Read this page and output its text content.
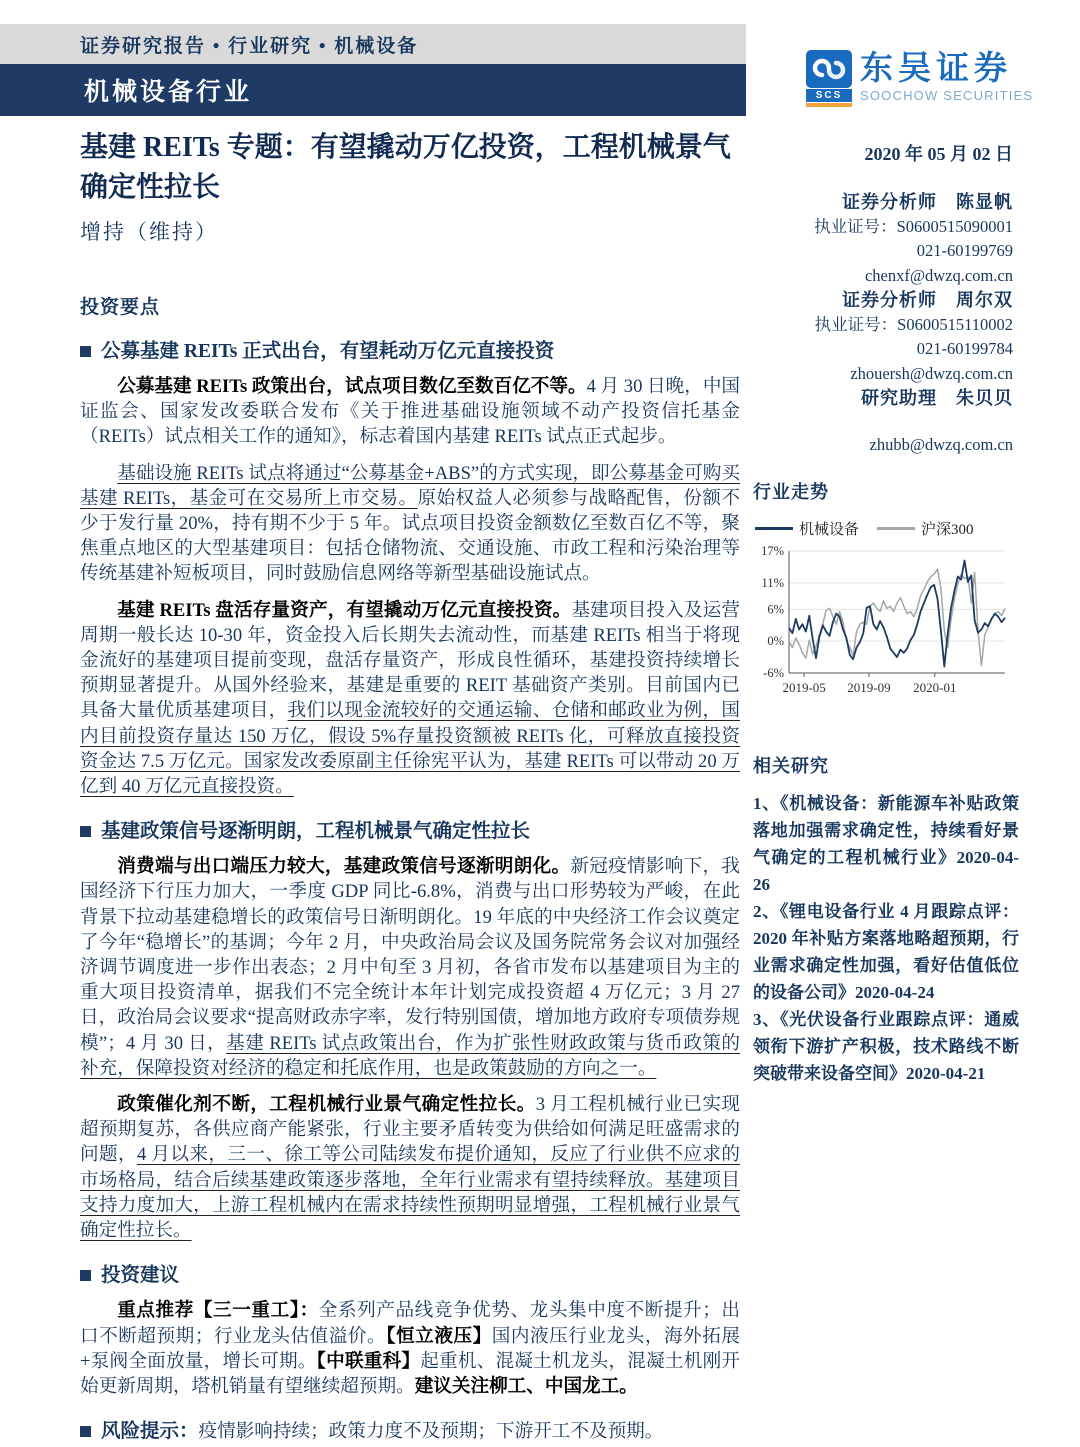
证券研究报告 • 行业研究 • 机械设备
机械设备行业	SCS
东吴证券
SOOCHOW SECURITIES
基建 REITs 专题：有望撬动万亿投资，工程机械景气确定性拉长
增持（维持）
2020 年 05 月 02 日
证券分析师　陈显帆
执业证号：S0600515090001
021-60199769
chenxf@dwzq.com.cn
证券分析师　周尔双
执业证号：S0600515110002
021-60199784
zhouersh@dwzq.com.cn
研究助理　朱贝贝
zhubb@dwzq.com.cn
行业走势
机械设备	沪深300
17%
11%
6%
0%
-6%
2019-05 2019-09 2020-01
相关研究
1、《机械设备：新能源车补贴政策落地加强需求确定性，持续看好景气确定的工程机械行业》2020-04-26
2、《锂电设备行业 4 月跟踪点评：2020 年补贴方案落地略超预期，行业需求确定性加强，看好估值低位的设备公司》2020-04-24
3、《光伏设备行业跟踪点评：通威领衔下游扩产积极，技术路线不断突破带来设备空间》2020-04-21
投资要点
公募基建 REITs 正式出台，有望耗动万亿元直接投资

公募基建 REITs 政策出台，试点项目数亿至数百亿不等。4 月 30 日晚，中国证监会、国家发改委联合发布《关于推进基础设施领域不动产投资信托基金（REITs）试点相关工作的通知》，标志着国内基建 REITs 试点正式起步。

基础设施 REITs 试点将通过“公募基金+ABS”的方式实现，即公募基金可购买基建 REITs，基金可在交易所上市交易。原始权益人必须参与战略配售，份额不少于发行量 20%，持有期不少于 5 年。试点项目投资金额数亿至数百亿不等，聚焦重点地区的大型基建项目：包括仓储物流、交通设施、市政工程和污染治理等传统基建补短板项目，同时鼓励信息网络等新型基础设施试点。

基建 REITs 盘活存量资产，有望撬动万亿元直接投资。基建项目投入及运营周期一般长达 10-30 年，资金投入后长期失去流动性，而基建 REITs 相当于将现金流好的基建项目提前变现，盘活存量资产，形成良性循环，基建投资持续增长预期显著提升。从国外经验来，基建是重要的 REIT 基础资产类别。目前国内已具备大量优质基建项目，我们以现金流较好的交通运输、仓储和邮政业为例，国内目前投资存量达 150 万亿，假设 5%存量投资额被 REITs 化，可释放直接投资资金达 7.5 万亿元。国家发改委原副主任徐宪平认为，基建 REITs 可以带动 20 万亿到 40 万亿元直接投资。

基建政策信号逐渐明朗，工程机械景气确定性拉长

消费端与出口端压力较大，基建政策信号逐渐明朗化。新冠疫情影响下，我国经济下行压力加大，一季度 GDP 同比-6.8%，消费与出口形势较为严峻，在此背景下拉动基建稳增长的政策信号日渐明朗化。19 年底的中央经济工作会议奠定了今年“稳增长”的基调；今年 2 月，中央政治局会议及国务院常务会议对加强经济调节调度进一步作出表态；2 月中旬至 3 月初，各省市发布以基建项目为主的重大项目投资清单，据我们不完全统计本年计划完成投资超 4 万亿元；3 月 27 日，政治局会议要求“提高财政赤字率，发行特别国债，增加地方政府专项债券规模”；4 月 30 日，基建 REITs 试点政策出台，作为扩张性财政政策与货币政策的补充，保障投资对经济的稳定和托底作用，也是政策鼓励的方向之一。

政策催化剂不断，工程机械行业景气确定性拉长。3 月工程机械行业已实现超预期复苏，各供应商产能紧张，行业主要矛盾转变为供给如何满足旺盛需求的问题，4 月以来，三一、徐工等公司陆续发布提价通知，反应了行业供不应求的市场格局，结合后续基建政策逐步落地，全年行业需求有望持续释放。基建项目支持力度加大，上游工程机械内在需求持续性预期明显增强，工程机械行业景气确定性拉长。

投资建议

重点推荐【三一重工】：全系列产品线竞争优势、龙头集中度不断提升；出口不断超预期；行业龙头估值溢价。【恒立液压】国内液压行业龙头，海外拓展+泵阀全面放量，增长可期。【中联重科】起重机、混凝土机龙头，混凝土机刚开始更新周期，塔机销量有望继续超预期。建议关注柳工、中国龙工。

风险提示：疫情影响持续；政策力度不及预期；下游开工不及预期。
